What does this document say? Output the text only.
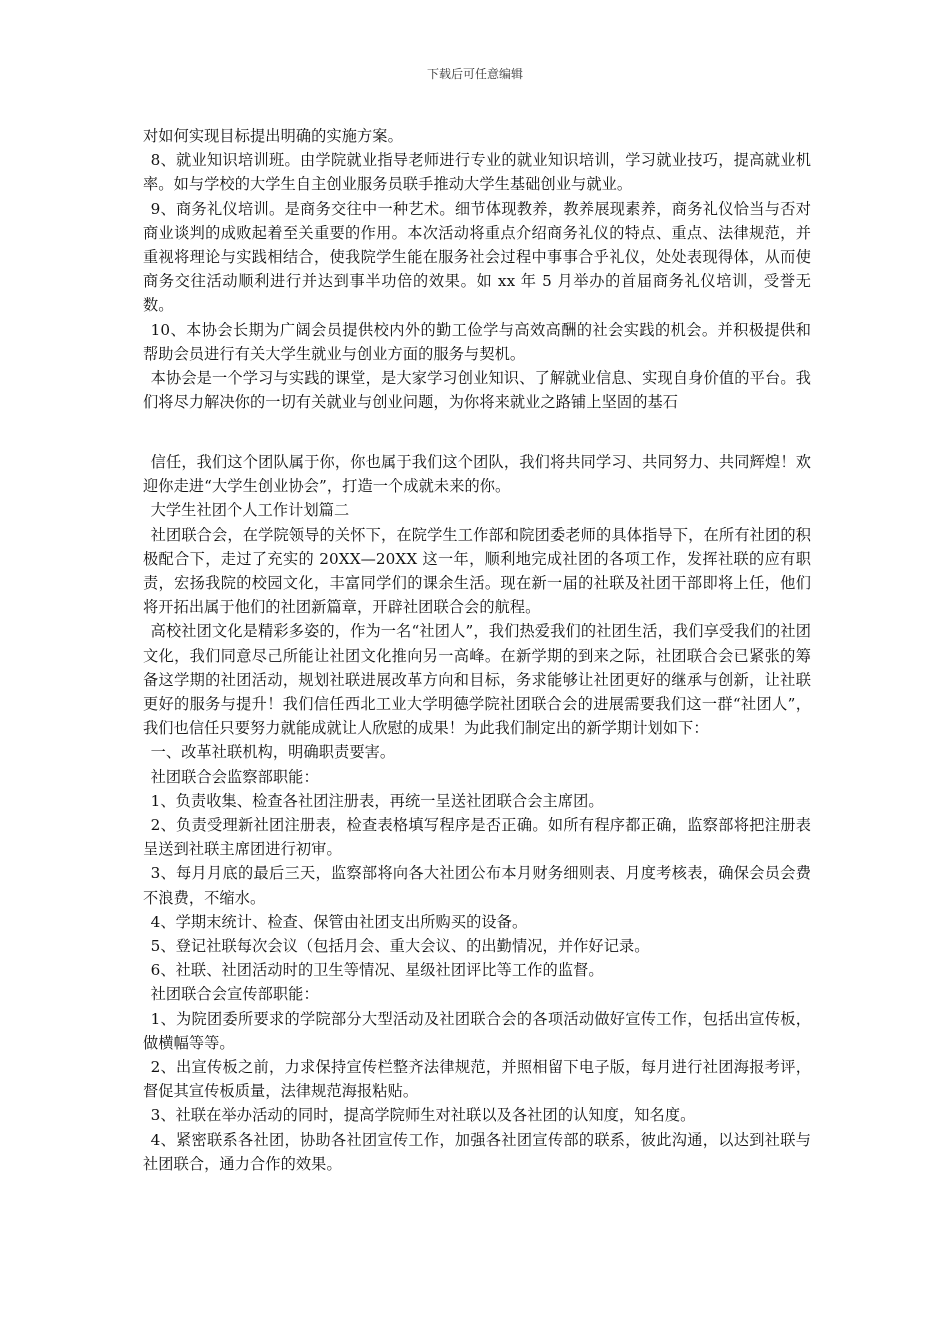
下载后可任意编辑

对如何实现目标提出明确的实施方案。

8、就业知识培训班。由学院就业指导老师进行专业的就业知识培训，学习就业技巧，提高就业机率。如与学校的大学生自主创业服务员联手推动大学生基础创业与就业。

9、商务礼仪培训。是商务交往中一种艺术。细节体现教养，教养展现素养，商务礼仪恰当与否对商业谈判的成败起着至关重要的作用。本次活动将重点介绍商务礼仪的特点、重点、法律规范，并重视将理论与实践相结合，使我院学生能在服务社会过程中事事合乎礼仪，处处表现得体，从而使商务交往活动顺利进行并达到事半功倍的效果。如 xx 年 5 月举办的首届商务礼仪培训，受誉无数。

10、本协会长期为广阔会员提供校内外的勤工俭学与高效高酬的社会实践的机会。并积极提供和帮助会员进行有关大学生就业与创业方面的服务与契机。

本协会是一个学习与实践的课堂，是大家学习创业知识、了解就业信息、实现自身价值的平台。我们将尽力解决你的一切有关就业与创业问题，为你将来就业之路铺上坚固的基石

信任，我们这个团队属于你，你也属于我们这个团队，我们将共同学习、共同努力、共同辉煌！欢迎你走进“大学生创业协会”，打造一个成就未来的你。

大学生社团个人工作计划篇二

社团联合会，在学院领导的关怀下，在院学生工作部和院团委老师的具体指导下，在所有社团的积极配合下，走过了充实的 20XX—20XX 这一年，顺利地完成社团的各项工作，发挥社联的应有职责，宏扬我院的校园文化，丰富同学们的课余生活。现在新一届的社联及社团干部即将上任，他们将开拓出属于他们的社团新篇章，开辟社团联合会的航程。

高校社团文化是精彩多姿的，作为一名“社团人”，我们热爱我们的社团生活，我们享受我们的社团文化，我们同意尽己所能让社团文化推向另一高峰。在新学期的到来之际，社团联合会已紧张的筹备这学期的社团活动，规划社联进展改革方向和目标，务求能够让社团更好的继承与创新，让社联更好的服务与提升！我们信任西北工业大学明德学院社团联合会的进展需要我们这一群“社团人”，我们也信任只要努力就能成就让人欣慰的成果！为此我们制定出的新学期计划如下：

一、改革社联机构，明确职责要害。

社团联合会监察部职能：

1、负责收集、检查各社团注册表，再统一呈送社团联合会主席团。

2、负责受理新社团注册表，检查表格填写程序是否正确。如所有程序都正确，监察部将把注册表呈送到社联主席团进行初审。

3、每月月底的最后三天，监察部将向各大社团公布本月财务细则表、月度考核表，确保会员会费不浪费，不缩水。

4、学期末统计、检查、保管由社团支出所购买的设备。

5、登记社联每次会议（包括月会、重大会议、的出勤情况，并作好记录。

6、社联、社团活动时的卫生等情况、星级社团评比等工作的监督。

社团联合会宣传部职能：

1、为院团委所要求的学院部分大型活动及社团联合会的各项活动做好宣传工作，包括出宣传板，做横幅等等。

2、出宣传板之前，力求保持宣传栏整齐法律规范，并照相留下电子版，每月进行社团海报考评，督促其宣传板质量，法律规范海报粘贴。

3、社联在举办活动的同时，提高学院师生对社联以及各社团的认知度，知名度。

4、紧密联系各社团，协助各社团宣传工作，加强各社团宣传部的联系，彼此沟通，以达到社联与社团联合，通力合作的效果。
